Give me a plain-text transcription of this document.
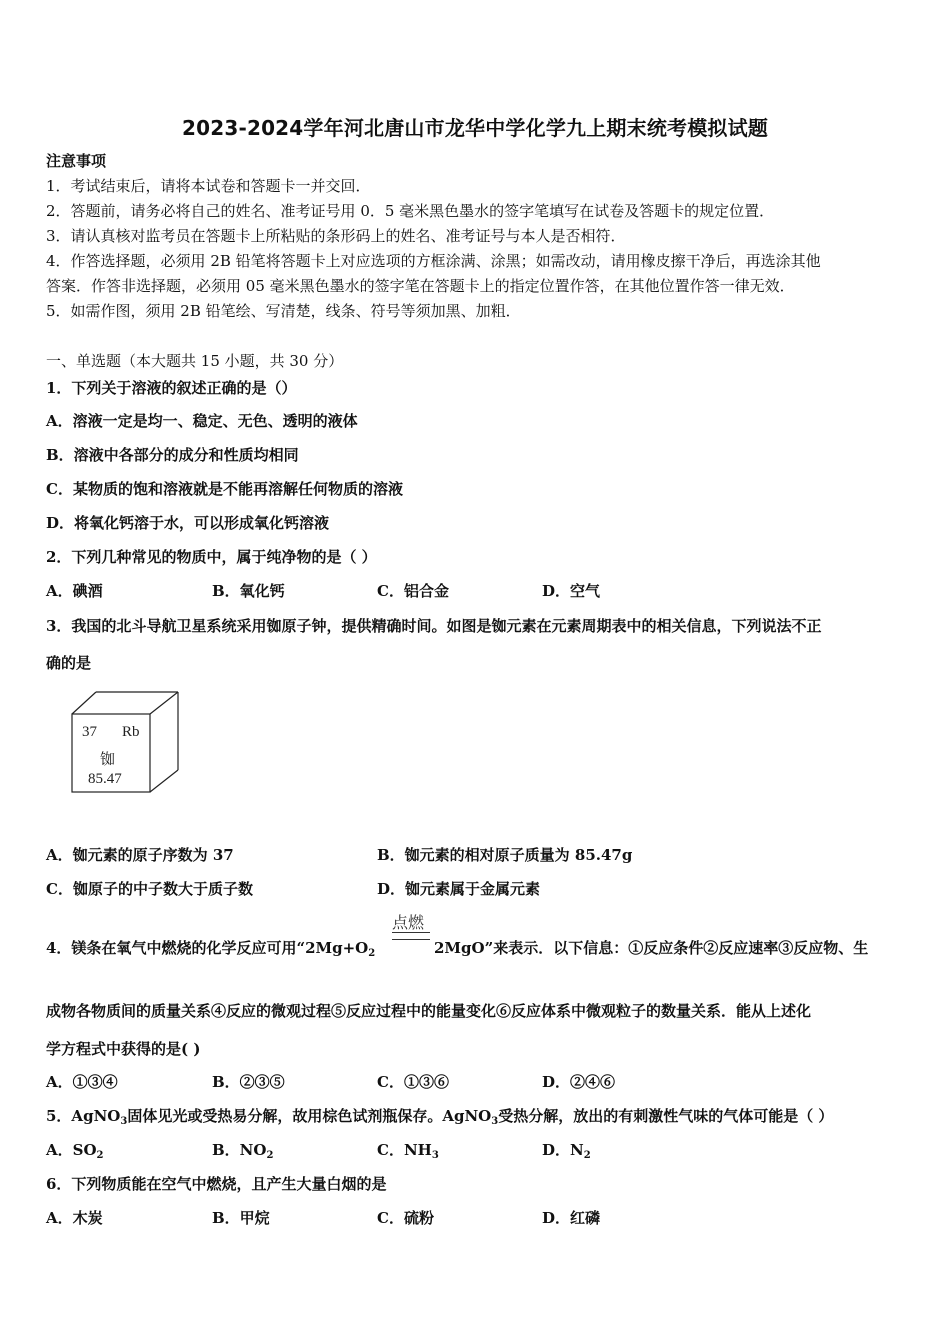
2023-2024学年河北唐山市龙华中学化学九上期末统考模拟试题
注意事项
1．考试结束后，请将本试卷和答题卡一并交回．
2．答题前，请务必将自己的姓名、准考证号用 0．5 毫米黑色墨水的签字笔填写在试卷及答题卡的规定位置．
3．请认真核对监考员在答题卡上所粘贴的条形码上的姓名、准考证号与本人是否相符．
4．作答选择题，必须用 2B 铅笔将答题卡上对应选项的方框涂满、涂黑；如需改动，请用橡皮擦干净后，再选涂其他
答案．作答非选择题，必须用 05 毫米黑色墨水的签字笔在答题卡上的指定位置作答，在其他位置作答一律无效．
5．如需作图，须用 2B 铅笔绘、写清楚，线条、符号等须加黑、加粗．
一、单选题（本大题共 15 小题，共 30 分）
1．下列关于溶液的叙述正确的是（）
A．溶液一定是均一、稳定、无色、透明的液体
B．溶液中各部分的成分和性质均相同
C．某物质的饱和溶液就是不能再溶解任何物质的溶液
D．将氧化钙溶于水，可以形成氧化钙溶液
2．下列几种常见的物质中，属于纯净物的是（ ）
A．碘酒	B．氧化钙	C．铝合金	D．空气
3．我国的北斗导航卫星系统采用铷原子钟，提供精确时间。如图是铷元素在元素周期表中的相关信息，下列说法不正
确的是
37 Rb
铷
85.47
A．铷元素的原子序数为 37	B．铷元素的相对原子质量为 85.47g
C．铷原子的中子数大于质子数	D．铷元素属于金属元素
4．镁条在氧气中燃烧的化学反应可用“$2Mg+O_2$
点燃
2MgO”来表示．以下信息：①反应条件②反应速率③反应物、生
成物各物质间的质量关系④反应的微观过程⑤反应过程中的能量变化⑥反应体系中微观粒子的数量关系．能从上述化
学方程式中获得的是( )
A．①③④	B．②③⑤	C．①③⑥	D．②④⑥
5．AgNO$_3$固体见光或受热易分解，故用棕色试剂瓶保存。AgNO$_3$受热分解，放出的有刺激性气味的气体可能是（ ）
A．$SO_2$	B．$NO_2$	C．$NH_3$	D．$N_2$
6．下列物质能在空气中燃烧，且产生大量白烟的是
A．木炭	B．甲烷	C．硫粉	D．红磷
